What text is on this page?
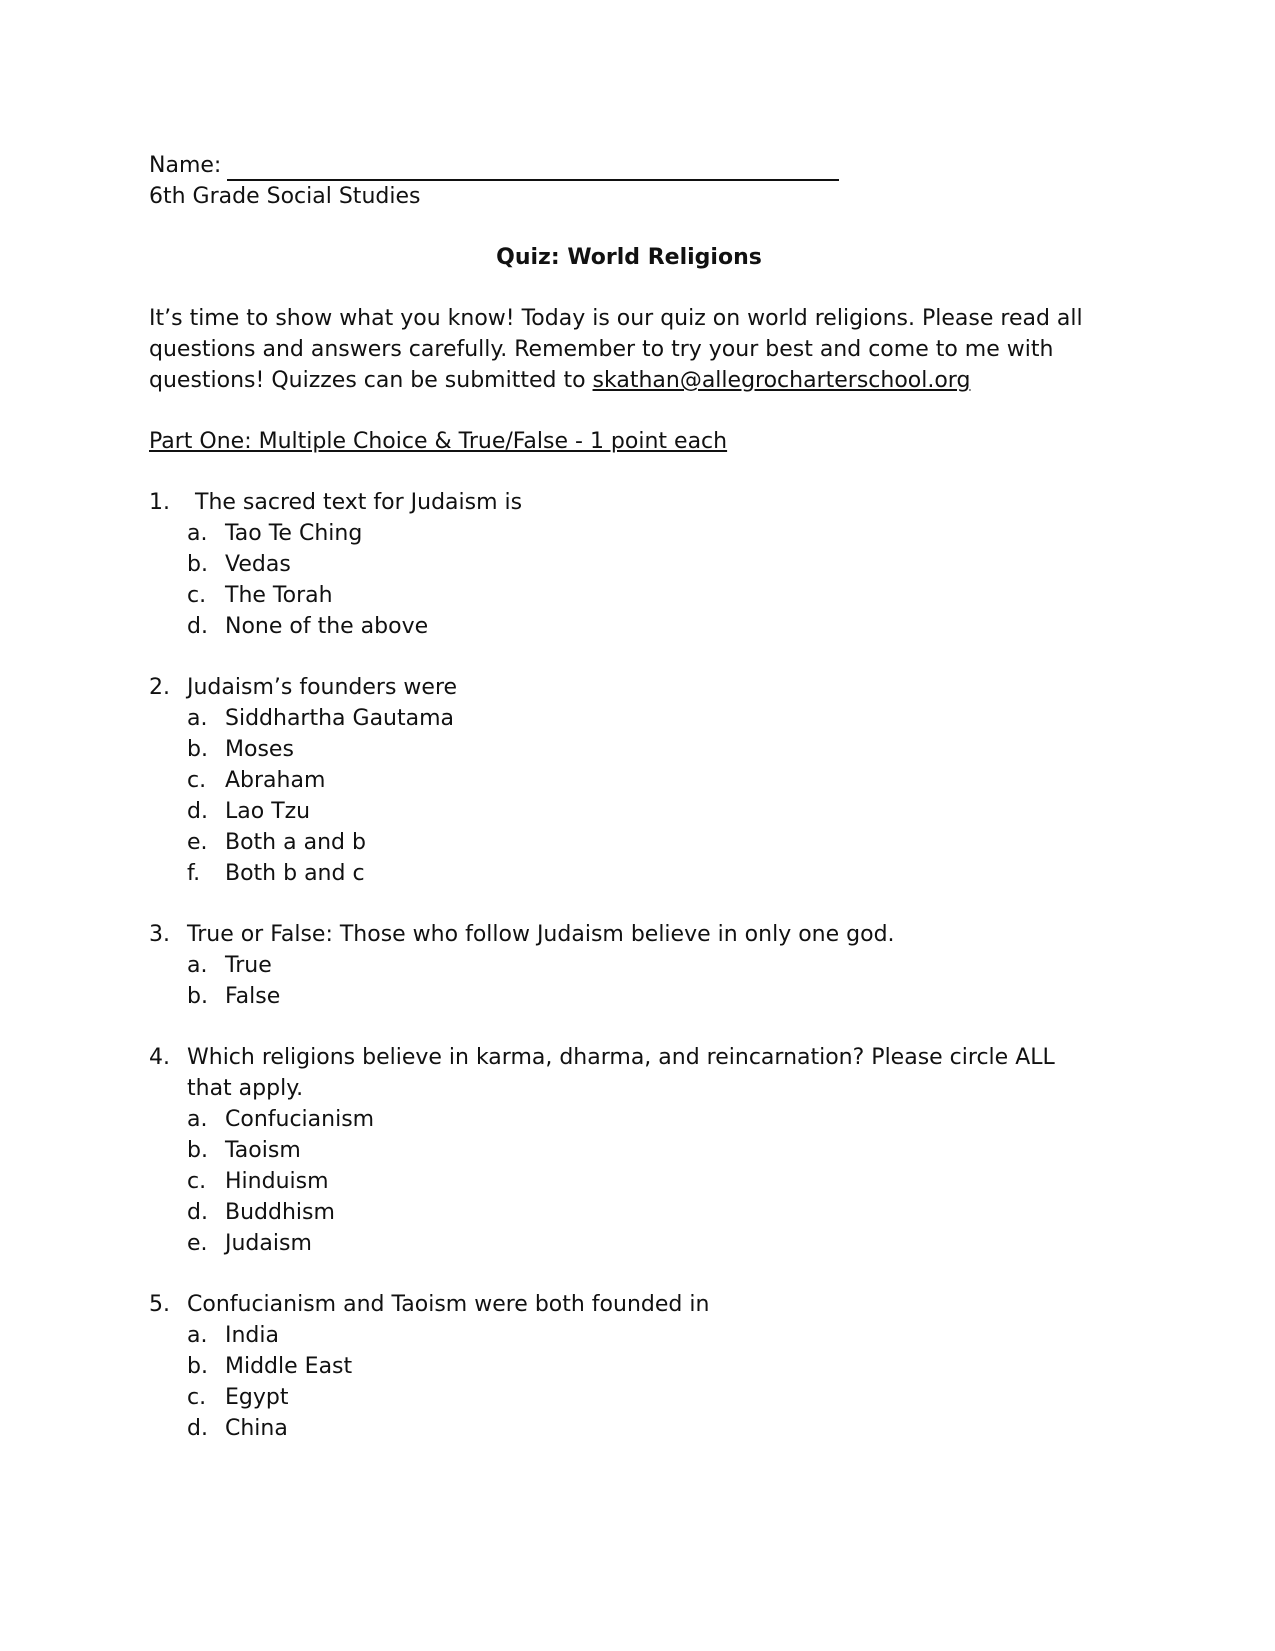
Name:
6th Grade Social Studies
Quiz: World Religions
It’s time to show what you know! Today is our quiz on world religions. Please read all questions and answers carefully. Remember to try your best and come to me with questions! Quizzes can be submitted to skathan@allegrocharterschool.org
Part One: Multiple Choice & True/False - 1 point each
1.	The sacred text for Judaism is
a. Tao Te Ching
b. Vedas
c. The Torah
d. None of the above
2. Judaism’s founders were
a. Siddhartha Gautama
b. Moses
c. Abraham
d. Lao Tzu
e. Both a and b
f.	Both b and c
3. True or False: Those who follow Judaism believe in only one god.
a. True
b. False
4. Which religions believe in karma, dharma, and reincarnation? Please circle ALL that apply.
a. Confucianism
b. Taoism
c. Hinduism
d. Buddhism
e. Judaism
5. Confucianism and Taoism were both founded in
a. India
b. Middle East
c. Egypt
d. China
